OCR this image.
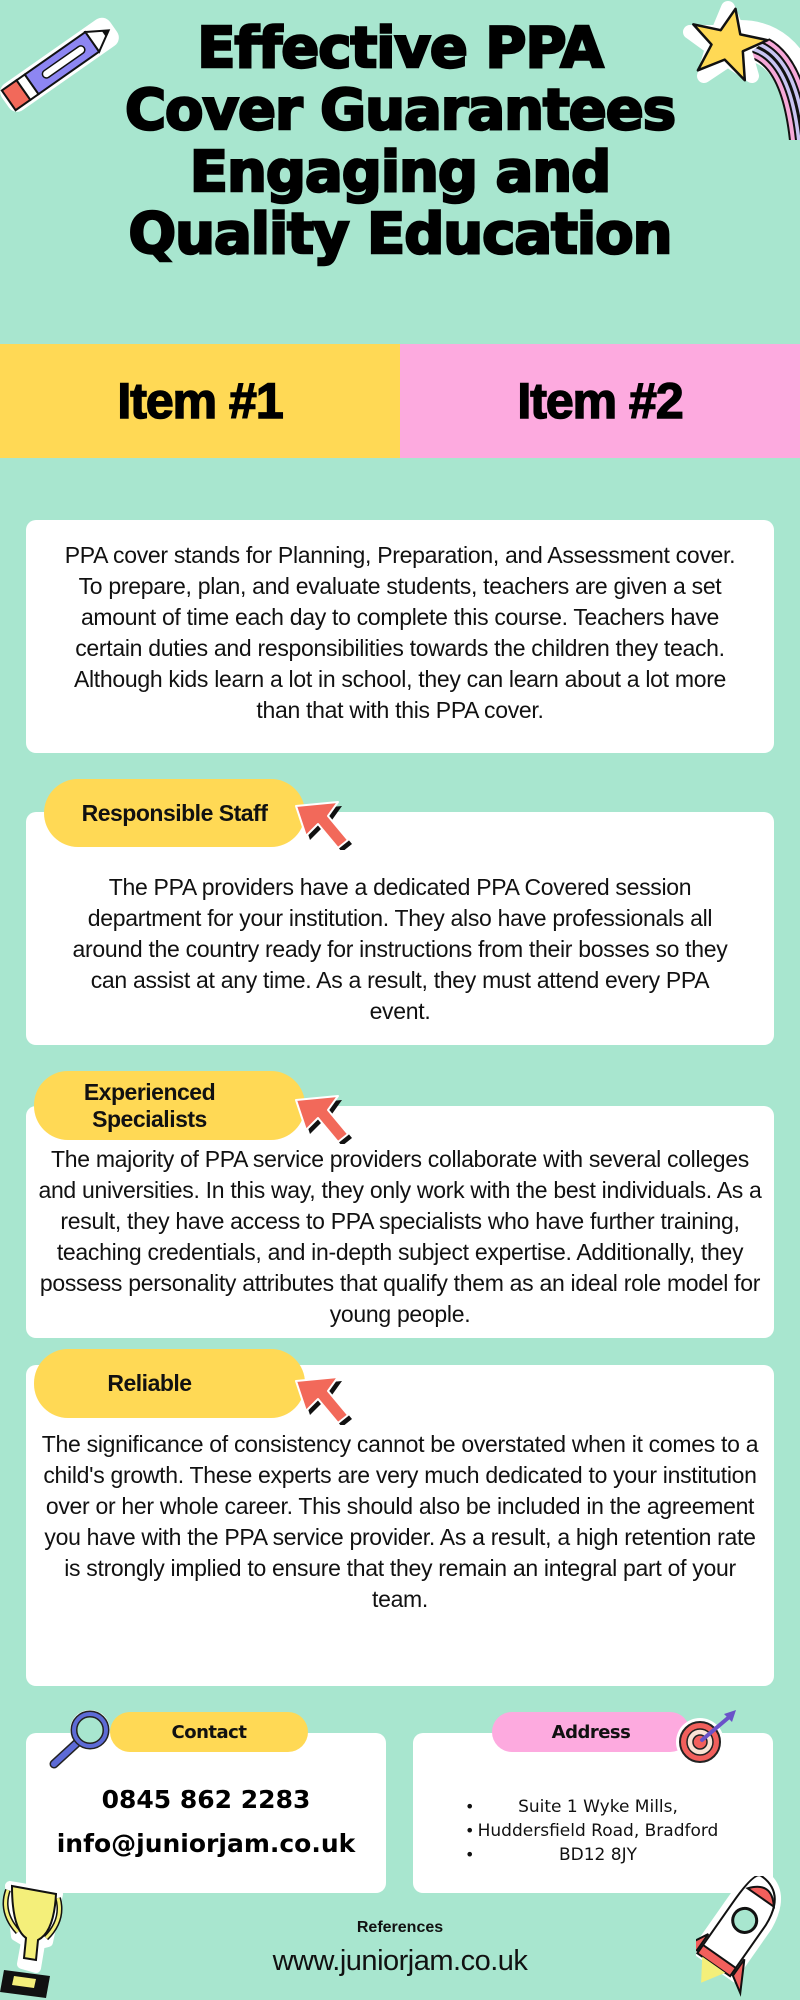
Effective PPA
Cover Guarantees
Engaging and
Quality Education
Item #1	Item #2
PPA cover stands for Planning, Preparation, and Assessment cover. To prepare, plan, and evaluate students, teachers are given a set amount of time each day to complete this course. Teachers have certain duties and responsibilities towards the children they teach. Although kids learn a lot in school, they can learn about a lot more than that with this PPA cover.
The PPA providers have a dedicated PPA Covered session department for your institution. They also have professionals all around the country ready for instructions from their bosses so they can assist at any time. As a result, they must attend every PPA event.
Responsible Staff
The majority of PPA service providers collaborate with several colleges and universities. In this way, they only work with the best individuals. As a result, they have access to PPA specialists who have further training, teaching credentials, and in-depth subject expertise. Additionally, they possess personality attributes that qualify them as an ideal role model for young people.
Experienced Specialists
The significance of consistency cannot be overstated when it comes to a child's growth. These experts are very much dedicated to your institution over or her whole career. This should also be included in the agreement you have with the PPA service provider. As a result, a high retention rate is strongly implied to ensure that they remain an integral part of your team.
Reliable
0845 862 2283
info@juniorjam.co.uk
Contact
• Suite 1 Wyke Mills,
• Huddersfield Road, Bradford
• BD12 8JY
Address
References
www.juniorjam.co.uk
